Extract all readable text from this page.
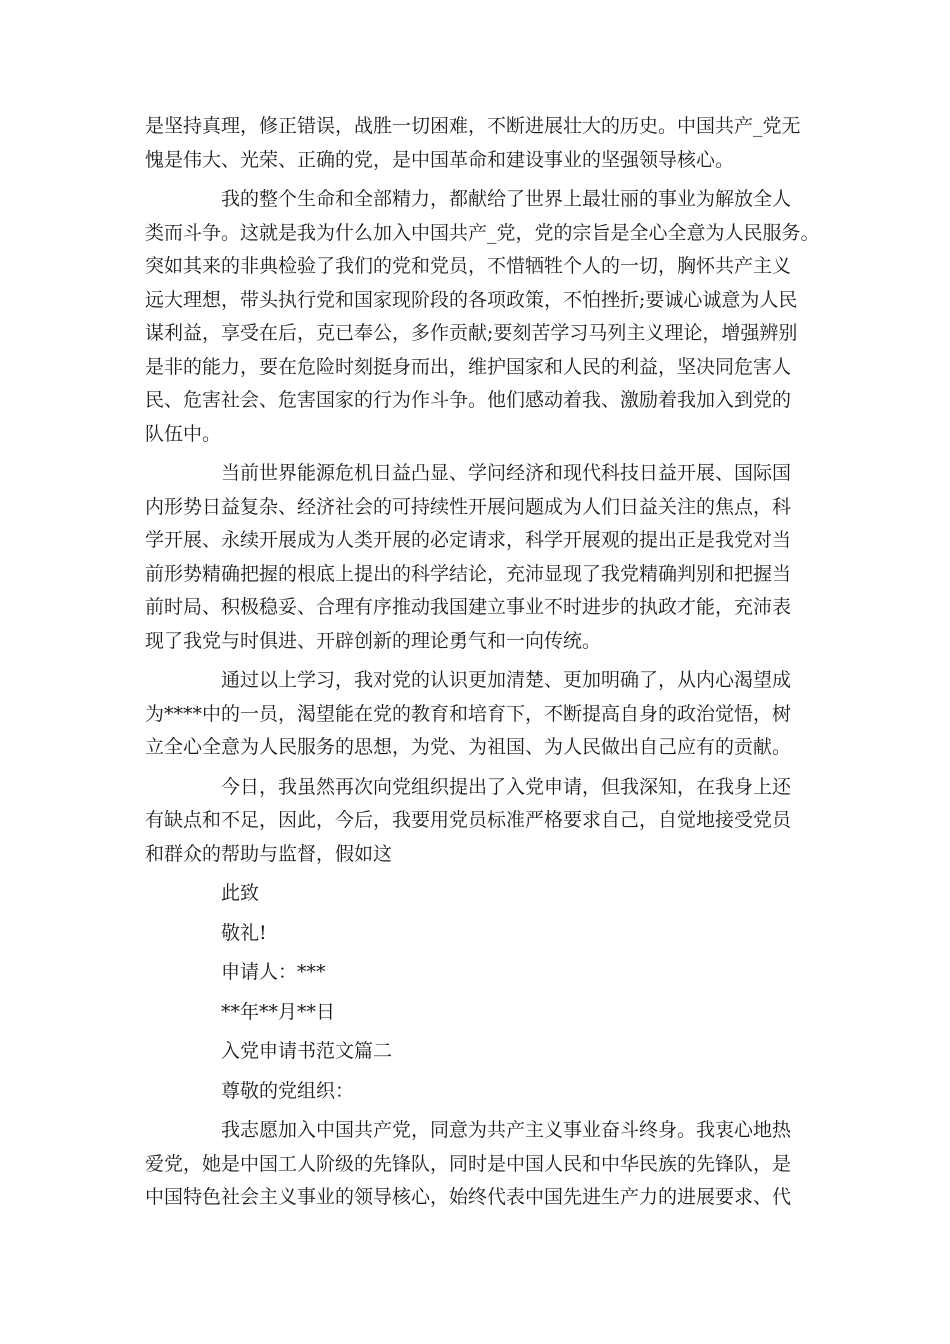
是坚持真理，修正错误，战胜一切困难，不断进展壮大的历史。中国共产_党无
愧是伟大、光荣、正确的党，是中国革命和建设事业的坚强领导核心。

我的整个生命和全部精力，都献给了世界上最壮丽的事业为解放全人
类而斗争。这就是我为什么加入中国共产_党，党的宗旨是全心全意为人民服务。
突如其来的非典检验了我们的党和党员，不惜牺牲个人的一切，胸怀共产主义
远大理想，带头执行党和国家现阶段的各项政策，不怕挫折;要诚心诚意为人民
谋利益，享受在后，克已奉公，多作贡献;要刻苦学习马列主义理论，增强辨别
是非的能力，要在危险时刻挺身而出，维护国家和人民的利益，坚决同危害人
民、危害社会、危害国家的行为作斗争。他们感动着我、激励着我加入到党的
队伍中。

当前世界能源危机日益凸显、学问经济和现代科技日益开展、国际国
内形势日益复杂、经济社会的可持续性开展问题成为人们日益关注的焦点，科
学开展、永续开展成为人类开展的必定请求，科学开展观的提出正是我党对当
前形势精确把握的根底上提出的科学结论，充沛显现了我党精确判别和把握当
前时局、积极稳妥、合理有序推动我国建立事业不时进步的执政才能，充沛表
现了我党与时俱进、开辟创新的理论勇气和一向传统。

通过以上学习，我对党的认识更加清楚、更加明确了，从内心渴望成
为****中的一员，渴望能在党的教育和培育下，不断提高自身的政治觉悟，树
立全心全意为人民服务的思想，为党、为祖国、为人民做出自己应有的贡献。

今日，我虽然再次向党组织提出了入党申请，但我深知，在我身上还
有缺点和不足，因此，今后，我要用党员标准严格要求自己，自觉地接受党员
和群众的帮助与监督，假如这

此致
敬礼!
申请人：***
**年**月**日
入党申请书范文篇二
尊敬的党组织：

我志愿加入中国共产党，同意为共产主义事业奋斗终身。我衷心地热
爱党，她是中国工人阶级的先锋队，同时是中国人民和中华民族的先锋队，是
中国特色社会主义事业的领导核心，始终代表中国先进生产力的进展要求、代
